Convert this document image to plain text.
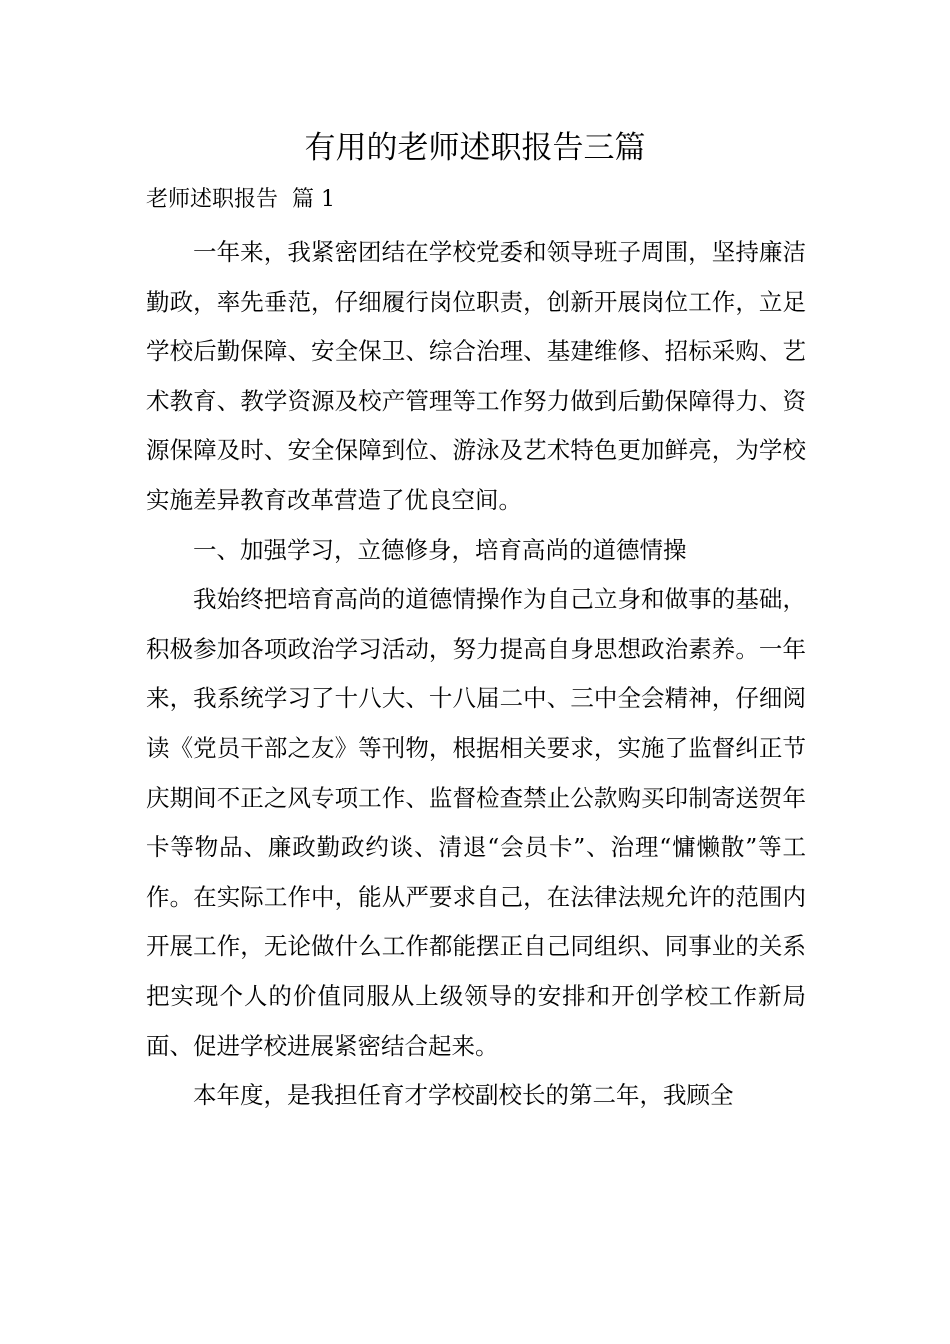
有用的老师述职报告三篇

老师述职报告  篇 1

一年来，我紧密团结在学校党委和领导班子周围，坚持廉洁勤政，率先垂范，仔细履行岗位职责，创新开展岗位工作，立足学校后勤保障、安全保卫、综合治理、基建维修、招标采购、艺术教育、教学资源及校产管理等工作努力做到后勤保障得力、资源保障及时、安全保障到位、游泳及艺术特色更加鲜亮，为学校实施差异教育改革营造了优良空间。

一、加强学习，立德修身，培育高尚的道德情操

我始终把培育高尚的道德情操作为自己立身和做事的基础，积极参加各项政治学习活动，努力提高自身思想政治素养。一年来，我系统学习了十八大、十八届二中、三中全会精神，仔细阅读《党员干部之友》等刊物，根据相关要求，实施了监督纠正节庆期间不正之风专项工作、监督检查禁止公款购买印制寄送贺年卡等物品、廉政勤政约谈、清退“会员卡”、治理“慵懒散”等工作。在实际工作中，能从严要求自己，在法律法规允许的范围内开展工作，无论做什么工作都能摆正自己同组织、同事业的关系把实现个人的价值同服从上级领导的安排和开创学校工作新局面、促进学校进展紧密结合起来。

本年度，是我担任育才学校副校长的第二年，我顾全
